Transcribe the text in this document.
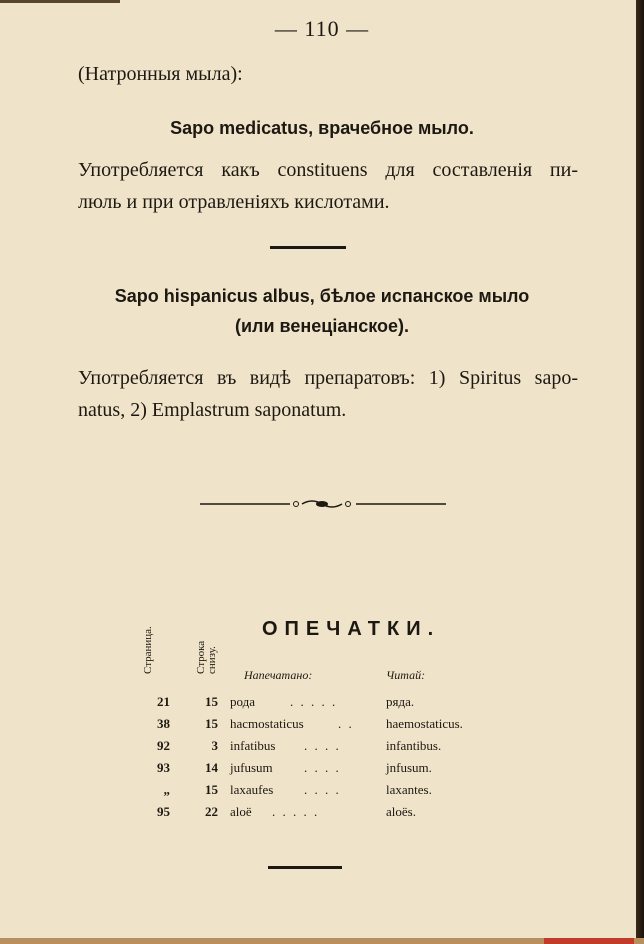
— 110 —
(Натронныя мыла):
Sapo medicatus, врачебное мыло.
Употребляется какъ constituens для составленія пи-
люль и при отравленіяхъ кислотами.
Sapo hispanicus albus, бѣлое испанское мыло
(или венеціанское).
Употребляется въ видѣ препаратовъ: 1) Spiritus sapo-
natus, 2) Emplastrum saponatum.
ОПЕЧАТКИ.
Страница.	Строка снизу.
Напечатано:	Читай:
21	15 рода	. . . . .	ряда.
38	15 hacmostaticus	. . haemostaticus.
92	3 infatibus . . . .	infantibus.
93	14 jufusum . . . .	jnfusum.
„	15 laxaufes . . . .	laxantes.
95	22 aloë . . . . .	aloës.
